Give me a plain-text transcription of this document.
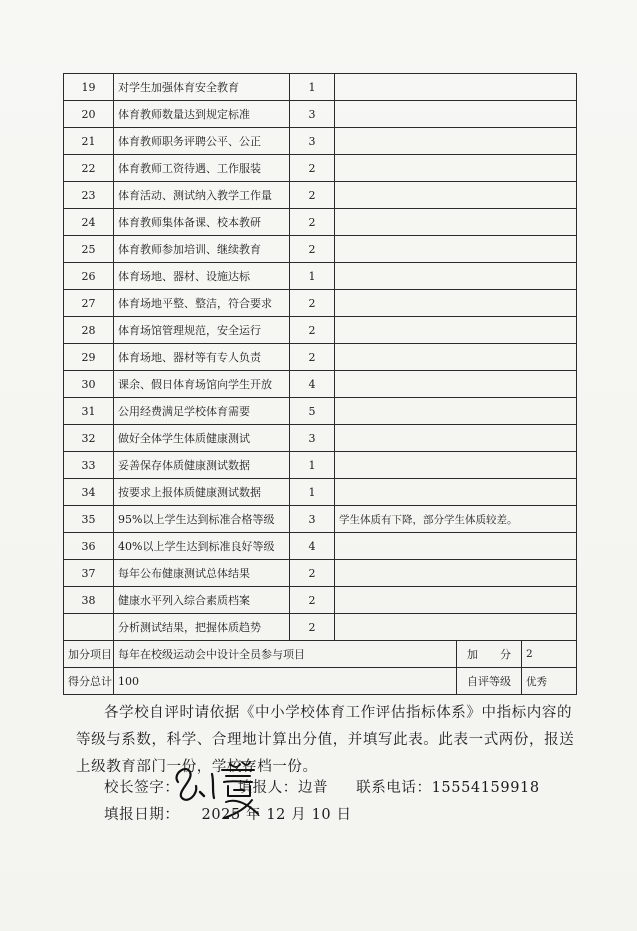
19	对学生加强体育安全教育	1			
20	体育教师数量达到规定标准	3			
21	体育教师职务评聘公平、公正	3			
22	体育教师工资待遇、工作服装	2			
23	体育活动、测试纳入教学工作量	2			
24	体育教师集体备课、校本教研	2			
25	体育教师参加培训、继续教育	2			
26	体育场地、器材、设施达标	1			
27	体育场地平整、整洁，符合要求	2			
28	体育场馆管理规范，安全运行	2			
29	体育场地、器材等有专人负责	2			
30	课余、假日体育场馆向学生开放	4			
31	公用经费满足学校体育需要	5			
32	做好全体学生体质健康测试	3			
33	妥善保存体质健康测试数据	1			
34	按要求上报体质健康测试数据	1			
35	95%以上学生达到标准合格等级	3	学生体质有下降，部分学生体质较差。		
36	40%以上学生达到标准良好等级	4			
37	每年公布健康测试总体结果	2			
38	健康水平列入综合素质档案	2			
	分析测试结果，把握体质趋势	2			
加分项目	每年在校级运动会中设计全员参与项目			加　　分	2
得分总计	100			自评等级	优秀
各学校自评时请依据《中小学校体育工作评估指标体系》中指标内容的等级与系数，科学、合理地计算出分值，并填写此表。此表一式两份，报送上级教育部门一份，学校存档一份。
校长签字：	填报人：边普 联系电话：15554159918
填报日期： 2025 年 12 月 10 日
